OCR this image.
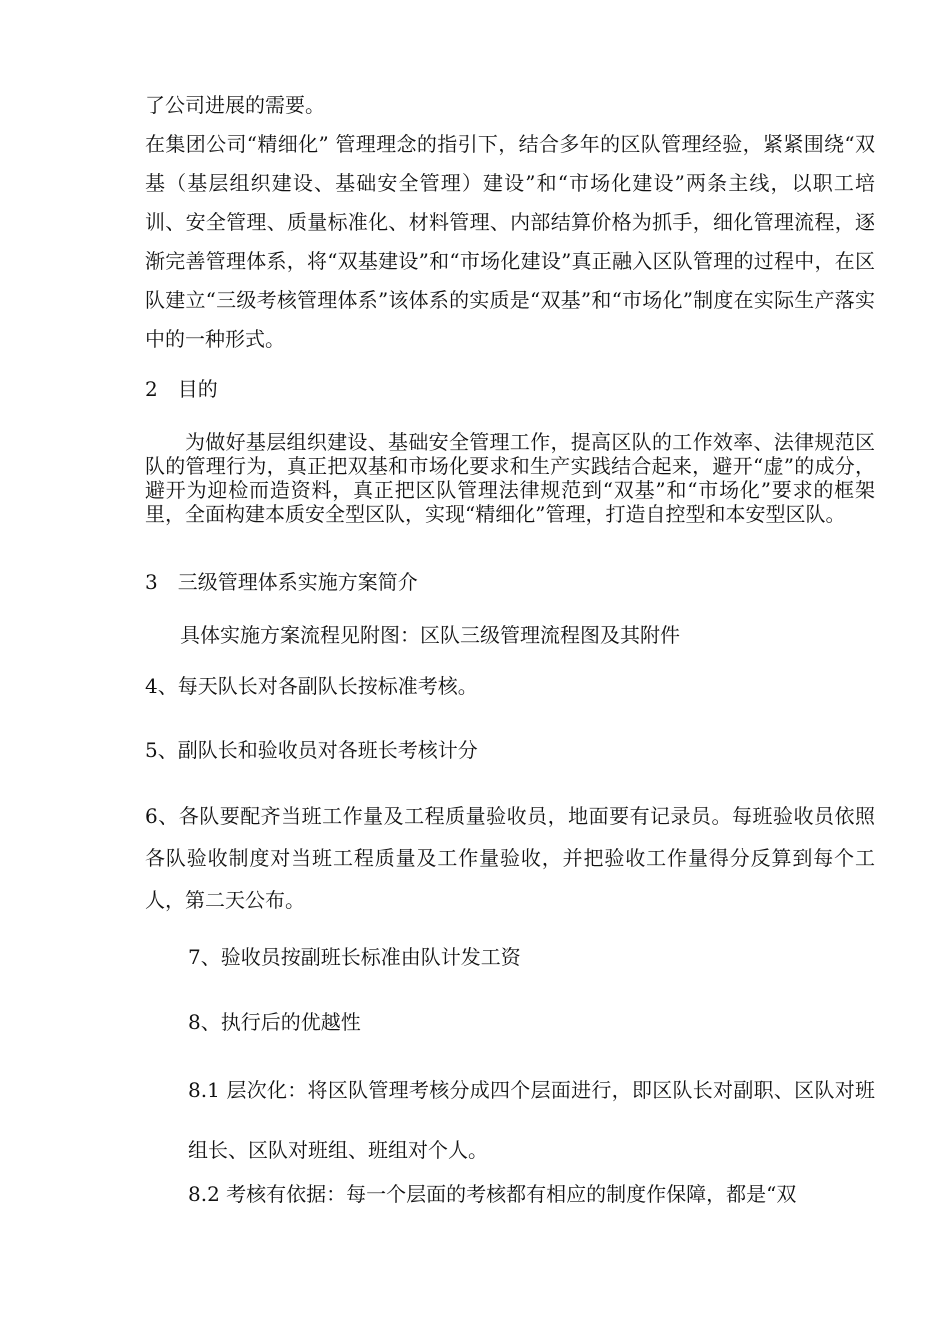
了公司进展的需要。

在集团公司“精细化” 管理理念的指引下，结合多年的区队管理经验，紧紧围绕“双基（基层组织建设、基础安全管理）建设”和“市场化建设”两条主线，以职工培训、安全管理、质量标准化、材料管理、内部结算价格为抓手，细化管理流程，逐渐完善管理体系，将“双基建设”和“市场化建设”真正融入区队管理的过程中，在区队建立“三级考核管理体系”该体系的实质是“双基”和“市场化”制度在实际生产落实中的一种形式。

2　目的

为做好基层组织建设、基础安全管理工作，提高区队的工作效率、法律规范区队的管理行为，真正把双基和市场化要求和生产实践结合起来，避开“虚”的成分，避开为迎检而造资料，真正把区队管理法律规范到“双基”和“市场化”要求的框架里，全面构建本质安全型区队，实现“精细化”管理，打造自控型和本安型区队。

3　三级管理体系实施方案简介

具体实施方案流程见附图：区队三级管理流程图及其附件

4、每天队长对各副队长按标准考核。

5、副队长和验收员对各班长考核计分

6、各队要配齐当班工作量及工程质量验收员，地面要有记录员。每班验收员依照各队验收制度对当班工程质量及工作量验收，并把验收工作量得分反算到每个工人，第二天公布。

7、验收员按副班长标准由队计发工资

8、执行后的优越性

8.1 层次化：将区队管理考核分成四个层面进行，即区队长对副职、区队对班组长、区队对班组、班组对个人。

8.2 考核有依据：每一个层面的考核都有相应的制度作保障，都是“双
